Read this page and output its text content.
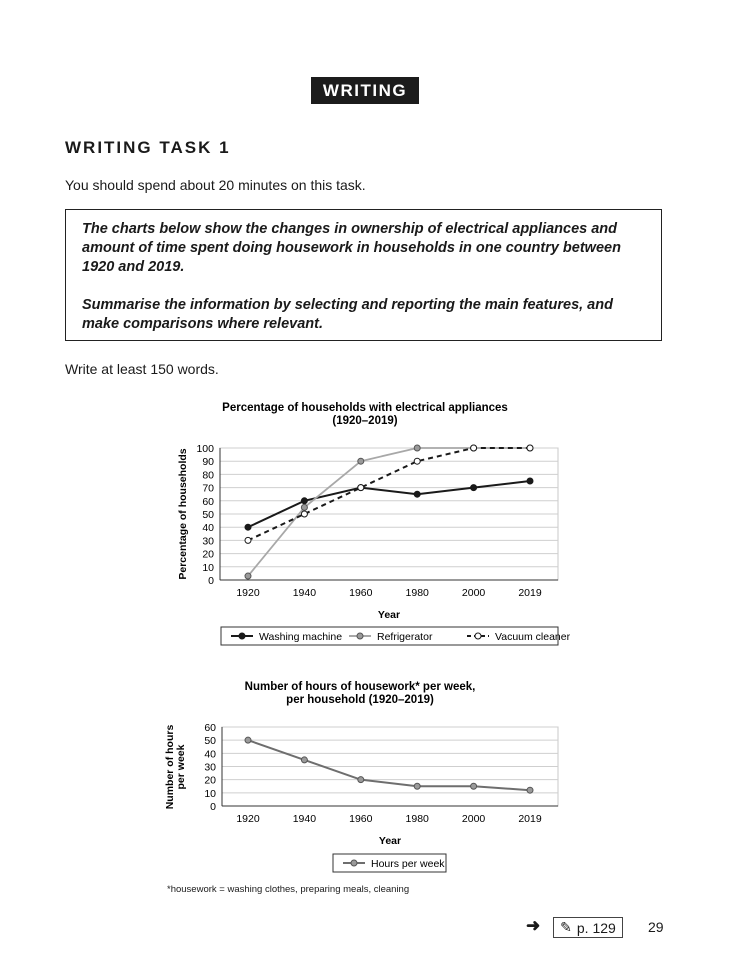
WRITING
WRITING TASK 1
You should spend about 20 minutes on this task.

The charts below show the changes in ownership of electrical appliances and amount of time spent doing housework in households in one country between 1920 and 2019.

Summarise the information by selecting and reporting the main features, and make comparisons where relevant.

Write at least 150 words.
Percentage of households with electrical appliances
(1920–2019)
0
10
20
30
40
50
60
70
80
90
100
1920	1940	1960	1980	2000	2019
Year
Percentage of households
Washing machine	Refrigerator	Vacuum cleaner
Number of hours of housework* per week,
per household (1920–2019)
0
10
20
30
40
50
60
1920	1940	1960	1980	2000	2019
Year
Number of hours per week
Hours per week
*housework = washing clothes, preparing meals, cleaning
➜ ✎ p. 129 29
